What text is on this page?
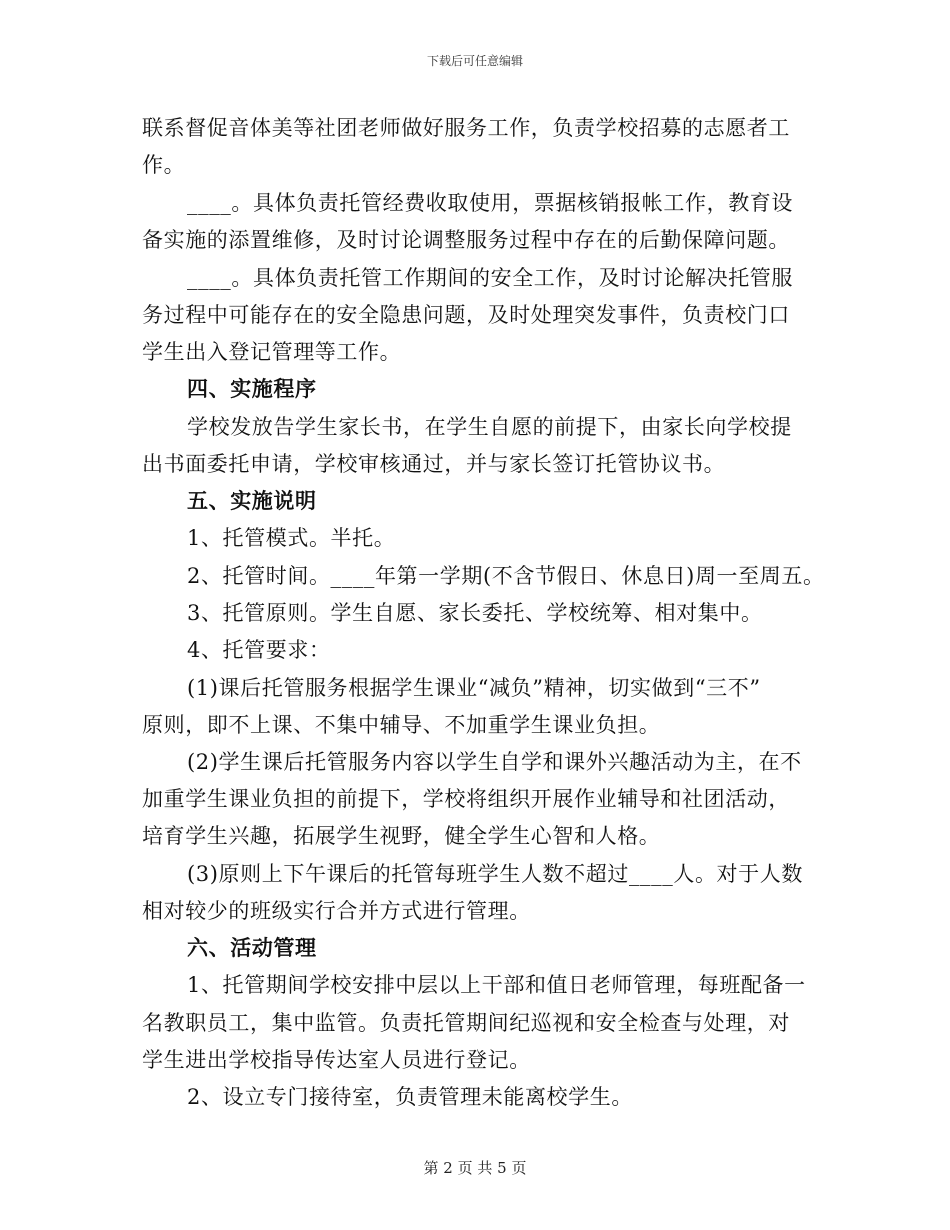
下载后可任意编辑
联系督促音体美等社团老师做好服务工作，负责学校招募的志愿者工
作。
____。具体负责托管经费收取使用，票据核销报帐工作，教育设
备实施的添置维修，及时讨论调整服务过程中存在的后勤保障问题。
____。具体负责托管工作期间的安全工作，及时讨论解决托管服
务过程中可能存在的安全隐患问题，及时处理突发事件，负责校门口
学生出入登记管理等工作。
四、实施程序
学校发放告学生家长书，在学生自愿的前提下，由家长向学校提
出书面委托申请，学校审核通过，并与家长签订托管协议书。
五、实施说明
1、托管模式。半托。
2、托管时间。____年第一学期(不含节假日、休息日)周一至周五。
3、托管原则。学生自愿、家长委托、学校统筹、相对集中。
4、托管要求：
(1)课后托管服务根据学生课业“减负”精神，切实做到“三不”
原则，即不上课、不集中辅导、不加重学生课业负担。
(2)学生课后托管服务内容以学生自学和课外兴趣活动为主，在不
加重学生课业负担的前提下，学校将组织开展作业辅导和社团活动，
培育学生兴趣，拓展学生视野，健全学生心智和人格。
(3)原则上下午课后的托管每班学生人数不超过____人。对于人数
相对较少的班级实行合并方式进行管理。
六、活动管理
1、托管期间学校安排中层以上干部和值日老师管理，每班配备一
名教职员工，集中监管。负责托管期间纪巡视和安全检查与处理，对
学生进出学校指导传达室人员进行登记。
2、设立专门接待室，负责管理未能离校学生。
第 2 页 共 5 页
